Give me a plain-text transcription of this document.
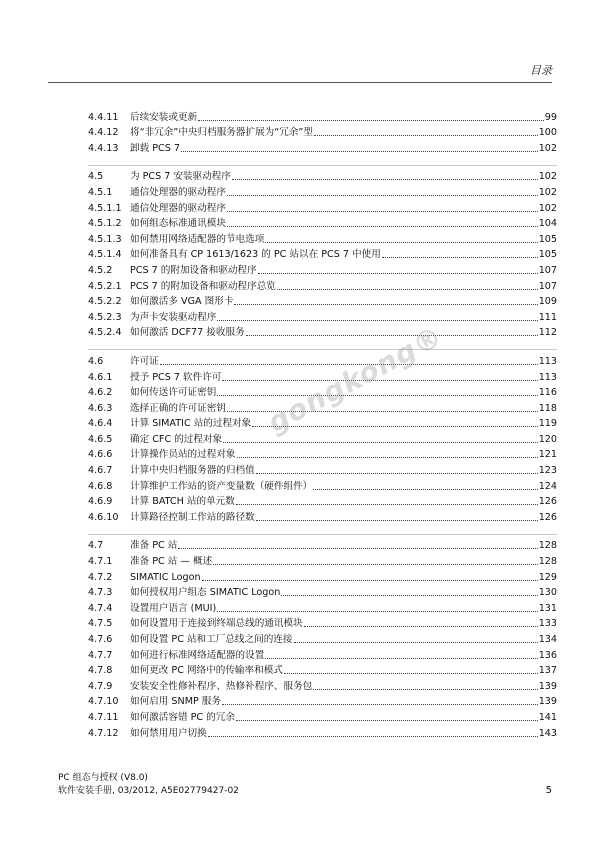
目录
4.4.11	后续安装或更新	99
4.4.12	将“非冗余”中央归档服务器扩展为“冗余”型	100
4.4.13	卸载 PCS 7	102
4.5	为 PCS 7 安装驱动程序	102
4.5.1	通信处理器的驱动程序	102
4.5.1.1 通信处理器的驱动程序	102
4.5.1.2 如何组态标准通讯模块	104
4.5.1.3 如何禁用网络适配器的节电选项	105
4.5.1.4 如何准备具有 CP 1613/1623 的 PC 站以在 PCS 7 中使用	105
4.5.2	PCS 7 的附加设备和驱动程序	107
4.5.2.1 PCS 7 的附加设备和驱动程序总览	107
4.5.2.2 如何激活多 VGA 图形卡	109
4.5.2.3 为声卡安装驱动程序	111
4.5.2.4 如何激活 DCF77 接收服务	112
4.6	许可证	113
4.6.1	授予 PCS 7 软件许可	113
4.6.2	如何传送许可证密钥	116
4.6.3	选择正确的许可证密钥	118
4.6.4	计算 SIMATIC 站的过程对象	119
4.6.5	确定 CFC 的过程对象	120
4.6.6	计算操作员站的过程对象	121
4.6.7	计算中央归档服务器的归档值	123
4.6.8	计算维护工作站的资产变量数（硬件组件）	124
4.6.9	计算 BATCH 站的单元数	126
4.6.10	计算路径控制工作站的路径数	126
4.7	准备 PC 站	128
4.7.1	准备 PC 站 — 概述	128
4.7.2	SIMATIC Logon	129
4.7.3	如何授权用户组态 SIMATIC Logon	130
4.7.4	设置用户语言 (MUI)	131
4.7.5	如何设置用于连接到终端总线的通讯模块	133
4.7.6	如何设置 PC 站和工厂总线之间的连接	134
4.7.7	如何进行标准网络适配器的设置	136
4.7.8	如何更改 PC 网络中的传输率和模式	137
4.7.9	安装安全性修补程序、热修补程序、服务包	139
4.7.10	如何启用 SNMP 服务	139
4.7.11	如何激活容错 PC 的冗余	141
4.7.12	如何禁用用户切换	143
gongkong®
PC 组态与授权 (V8.0)
软件安装手册, 03/2012, A5E02779427-02	5
